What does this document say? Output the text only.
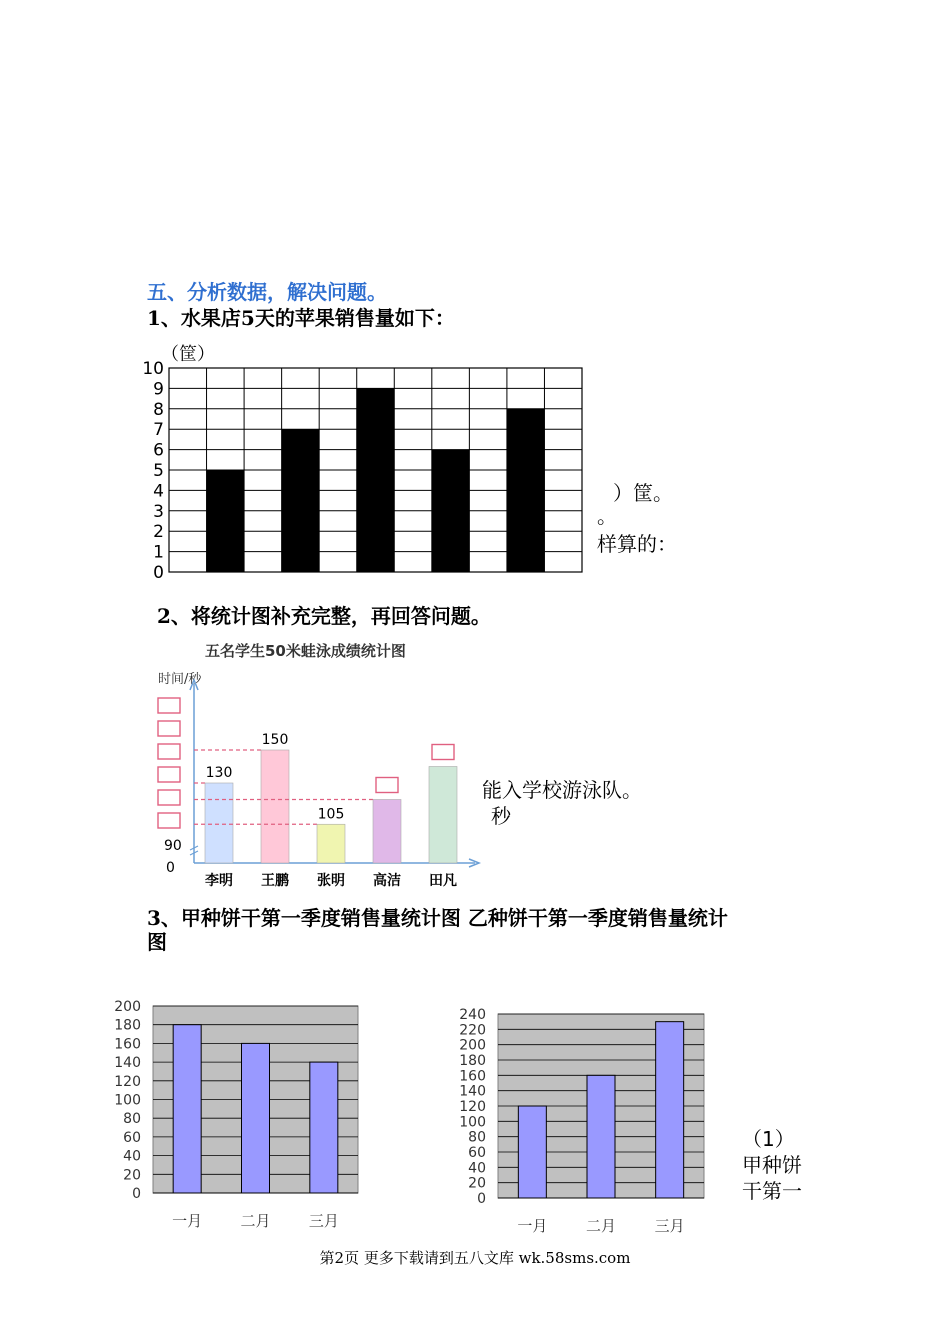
五、分析数据，解决问题。
1、水果店5天的苹果销售量如下：
（筐）
0
1
2
3
4
5
6
7
8
9
10
）筐。
。
样算的：
2、将统计图补充完整，再回答问题。
五名学生50米蛙泳成绩统计图
时间/秒
90
0
130
李明
150
王鹏
105
张明 高洁 田凡
能入学校游泳队。
秒
3、甲种饼干第一季度销售量统计图 乙种饼干第一季度销售量统计
图
0
20
40
60
80
100
120
140
160
180
200
一月	二月	三月
0
20
40
60
80
100
120
140
160
180
200
220
240
一月	二月	三月
（1）
甲种饼
干第一
第2页 更多下载请到五八文库 wk.58sms.com
